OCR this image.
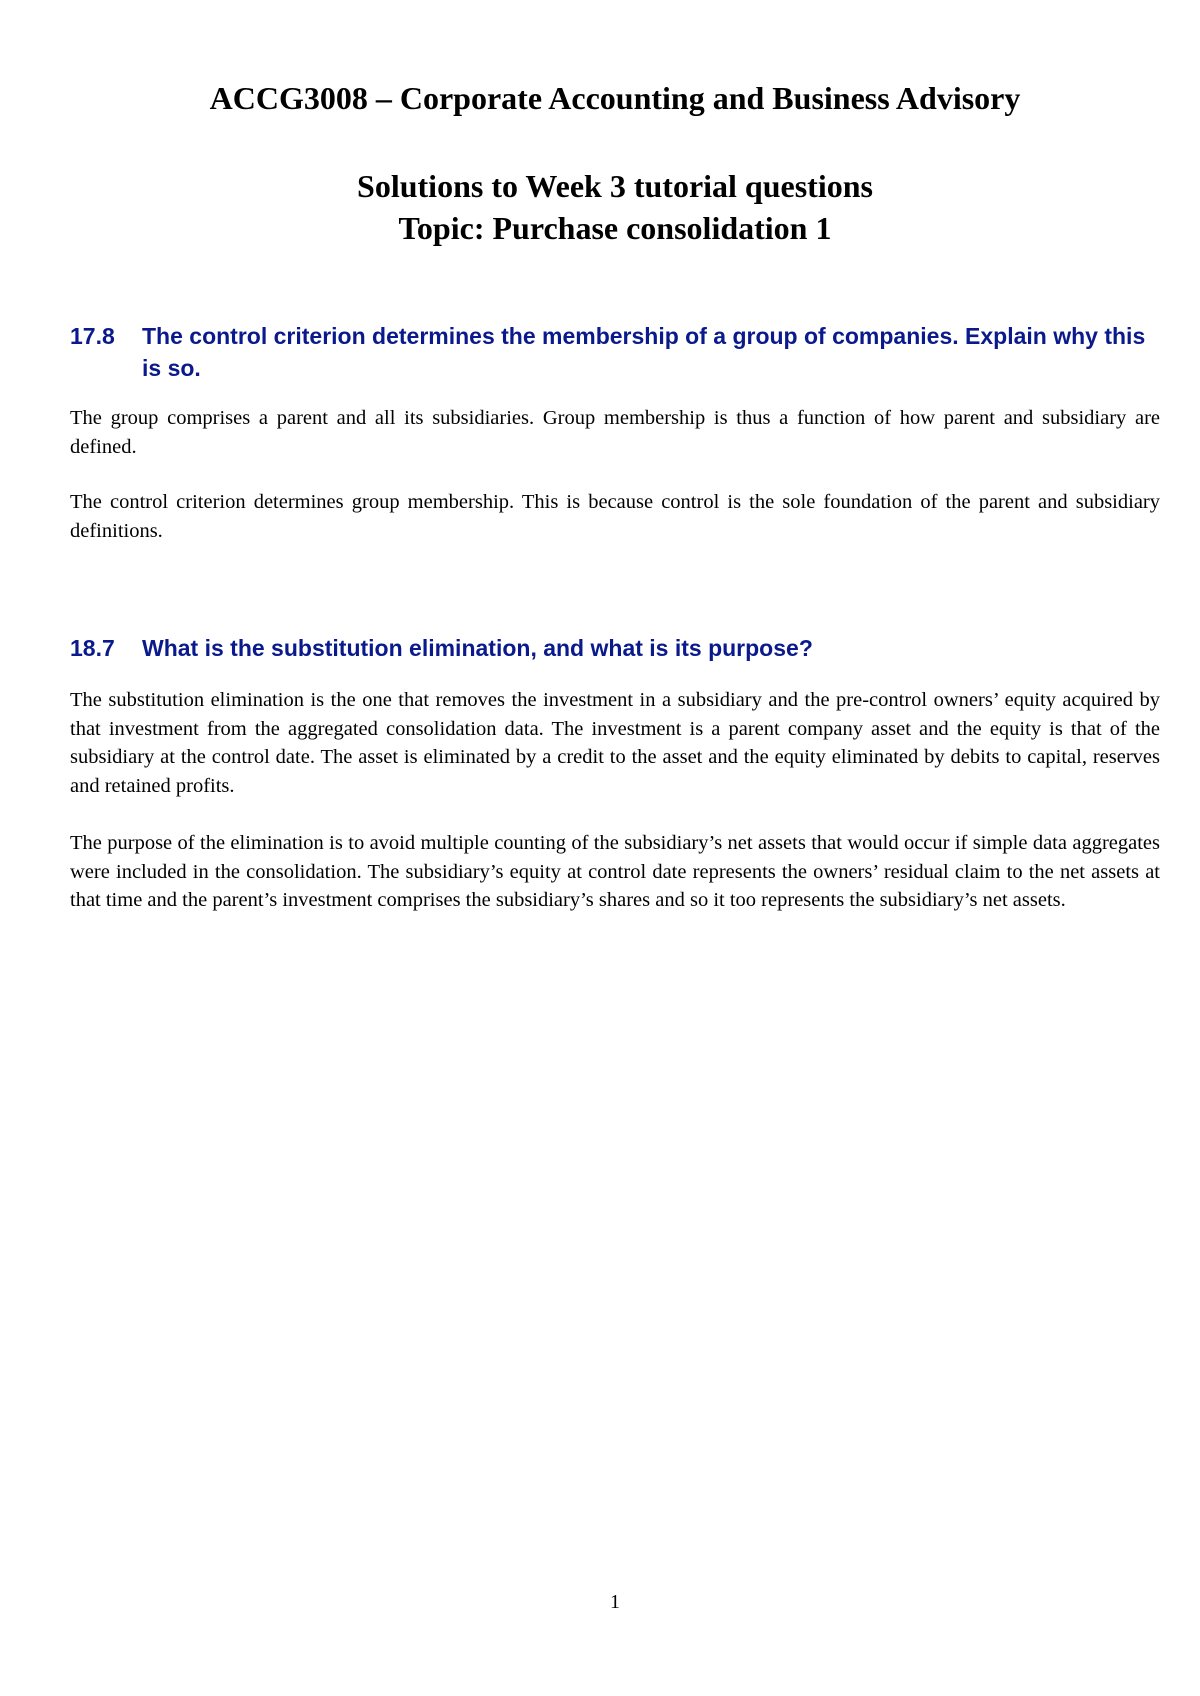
ACCG3008 – Corporate Accounting and Business Advisory
Solutions to Week 3 tutorial questions
Topic: Purchase consolidation 1
17.8	The control criterion determines the membership of a group of companies. Explain why this is so.

The group comprises a parent and all its subsidiaries. Group membership is thus a function of how parent and subsidiary are defined.

The control criterion determines group membership. This is because control is the sole foundation of the parent and subsidiary definitions.

18.7	What is the substitution elimination, and what is its purpose?

The substitution elimination is the one that removes the investment in a subsidiary and the pre-control owners’ equity acquired by that investment from the aggregated consolidation data. The investment is a parent company asset and the equity is that of the subsidiary at the control date. The asset is eliminated by a credit to the asset and the equity eliminated by debits to capital, reserves and retained profits.

The purpose of the elimination is to avoid multiple counting of the subsidiary’s net assets that would occur if simple data aggregates were included in the consolidation. The subsidiary’s equity at control date represents the owners’ residual claim to the net assets at that time and the parent’s investment comprises the subsidiary’s shares and so it too represents the subsidiary’s net assets.

1
